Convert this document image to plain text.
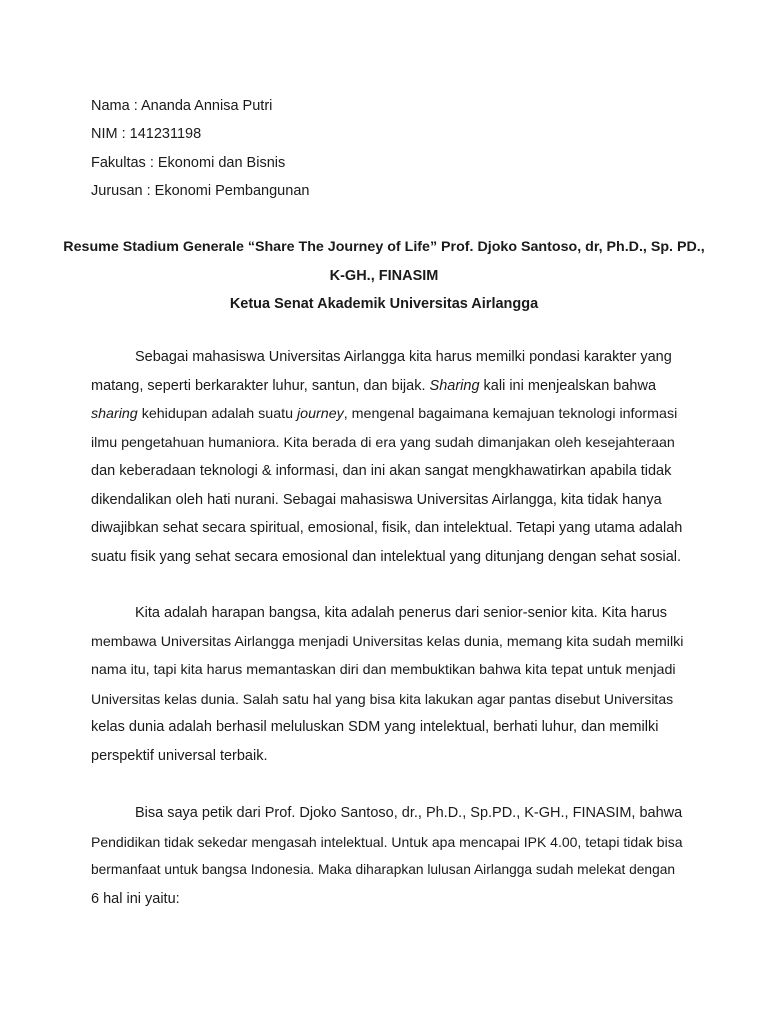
Nama : Ananda Annisa Putri
NIM : 141231198
Fakultas : Ekonomi dan Bisnis
Jurusan : Ekonomi Pembangunan
Resume Stadium Generale “Share The Journey of Life” Prof. Djoko Santoso, dr, Ph.D., Sp. PD.,
K-GH., FINASIM
Ketua Senat Akademik Universitas Airlangga
Sebagai mahasiswa Universitas Airlangga kita harus memilki pondasi karakter yang
matang, seperti berkarakter luhur, santun, dan bijak. Sharing kali ini menjealskan bahwa
sharing kehidupan adalah suatu journey, mengenal bagaimana kemajuan teknologi informasi
ilmu pengetahuan humaniora. Kita berada di era yang sudah dimanjakan oleh kesejahteraan
dan keberadaan teknologi & informasi, dan ini akan sangat mengkhawatirkan apabila tidak
dikendalikan oleh hati nurani. Sebagai mahasiswa Universitas Airlangga, kita tidak hanya
diwajibkan sehat secara spiritual, emosional, fisik, dan intelektual. Tetapi yang utama adalah
suatu fisik yang sehat secara emosional dan intelektual yang ditunjang dengan sehat sosial.
Kita adalah harapan bangsa, kita adalah penerus dari senior-senior kita. Kita harus
membawa Universitas Airlangga menjadi Universitas kelas dunia, memang kita sudah memilki
nama itu, tapi kita harus memantaskan diri dan membuktikan bahwa kita tepat untuk menjadi
Universitas kelas dunia. Salah satu hal yang bisa kita lakukan agar pantas disebut Universitas
kelas dunia adalah berhasil meluluskan SDM yang intelektual, berhati luhur, dan memilki
perspektif universal terbaik.
Bisa saya petik dari Prof. Djoko Santoso, dr., Ph.D., Sp.PD., K-GH., FINASIM, bahwa
Pendidikan tidak sekedar mengasah intelektual. Untuk apa mencapai IPK 4.00, tetapi tidak bisa
bermanfaat untuk bangsa Indonesia. Maka diharapkan lulusan Airlangga sudah melekat dengan
6 hal ini yaitu:
